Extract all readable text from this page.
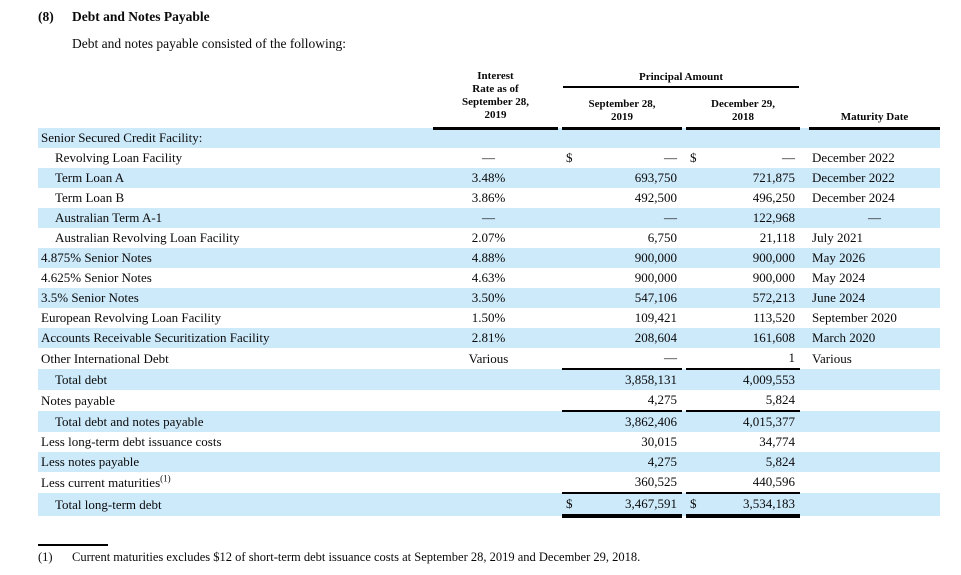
(8) Debt and Notes Payable
Debt and notes payable consisted of the following:

	Interest
Rate as of
September 28,
2019		Principal Amount				Maturity Date

			September 28,
2019		December 29,
2018		

Senior Secured Credit Facility:							
Revolving Loan Facility	—		$ —		$ —		December 2022
Term Loan A	3.48%		693,750		721,875		December 2022
Term Loan B	3.86%		492,500		496,250		December 2024
Australian Term A-1	—		—		122,968		—
Australian Revolving Loan Facility	2.07%		6,750		21,118		July 2021
4.875% Senior Notes	4.88%		900,000		900,000		May 2026
4.625% Senior Notes	4.63%		900,000		900,000		May 2024
3.5% Senior Notes	3.50%		547,106		572,213		June 2024
European Revolving Loan Facility	1.50%		109,421		113,520		September 2020
Accounts Receivable Securitization Facility	2.81%		208,604		161,608		March 2020
Other International Debt	Various		—		1		Various
Total debt			3,858,131		4,009,553		
Notes payable			4,275		5,824		
Total debt and notes payable			3,862,406		4,015,377		
Less long-term debt issuance costs			30,015		34,774		
Less notes payable			4,275		5,824		
Less current maturities$^{(1)}$			360,525		440,596		
Total long-term debt			$ 3,467,591		$ 3,534,183		
(1) Current maturities excludes $12 of short-term debt issuance costs at September 28, 2019 and December 29, 2018.
